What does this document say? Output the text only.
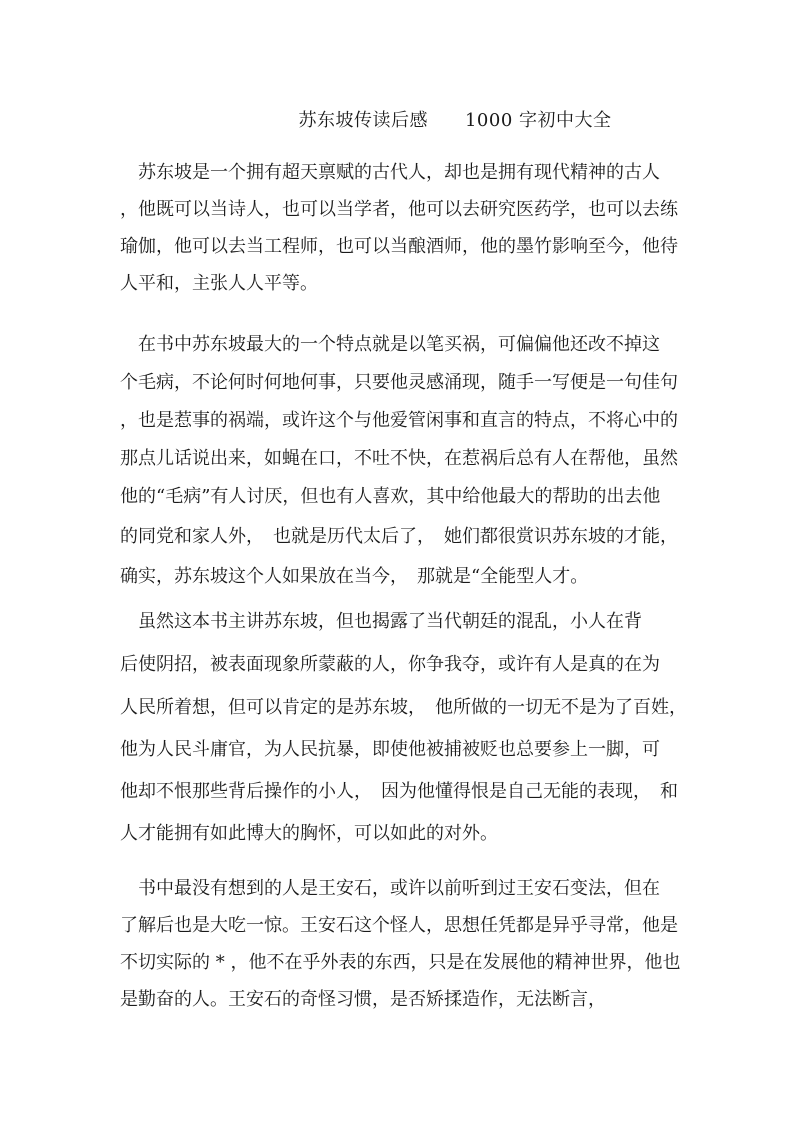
苏东坡传读后感　　1000 字初中大全
　苏东坡是一个拥有超天禀赋的古代人，却也是拥有现代精神的古人
，他既可以当诗人，也可以当学者，他可以去研究医药学，也可以去练
瑜伽，他可以去当工程师，也可以当酿酒师，他的墨竹影响至今，他待
人平和，主张人人平等。
　在书中苏东坡最大的一个特点就是以笔买祸，可偏偏他还改不掉这
个毛病，不论何时何地何事，只要他灵感涌现，随手一写便是一句佳句
，也是惹事的祸端，或许这个与他爱管闲事和直言的特点，不将心中的
那点儿话说出来，如蝇在口，不吐不快，在惹祸后总有人在帮他，虽然
他的“毛病”有人讨厌，但也有人喜欢，其中给他最大的帮助的出去他
的同党和家人外，　也就是历代太后了，　她们都很赏识苏东坡的才能，
确实，苏东坡这个人如果放在当今，　那就是“全能型人才。
　虽然这本书主讲苏东坡，但也揭露了当代朝廷的混乱，小人在背
后使阴招，被表面现象所蒙蔽的人，你争我夺，或许有人是真的在为
人民所着想，但可以肯定的是苏东坡，　他所做的一切无不是为了百姓，
他为人民斗庸官，为人民抗暴，即使他被捕被贬也总要参上一脚，可
他却不恨那些背后操作的小人，　因为他懂得恨是自己无能的表现，　和
人才能拥有如此博大的胸怀，可以如此的对外。
　书中最没有想到的人是王安石，或许以前听到过王安石变法，但在
了解后也是大吃一惊。王安石这个怪人，思想任凭都是异乎寻常，他是
不切实际的 * ，他不在乎外表的东西，只是在发展他的精神世界，他也
是勤奋的人。王安石的奇怪习惯，是否矫揉造作，无法断言，
